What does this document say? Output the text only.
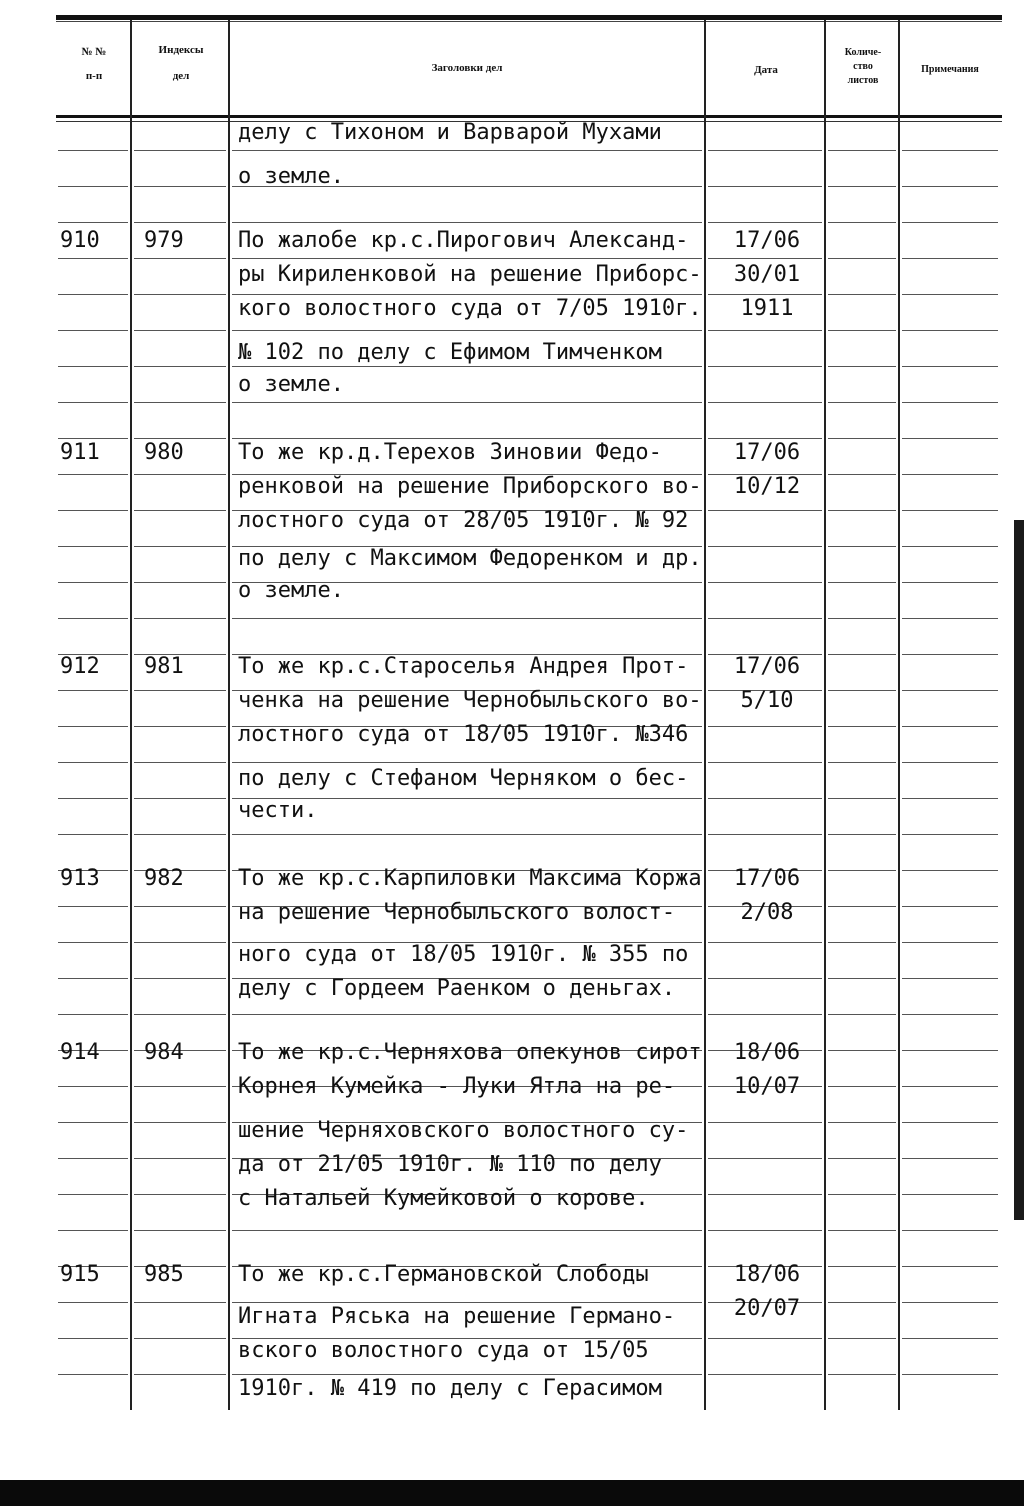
№ №
п-п
Индексы
дел
Заголовки дел	Дата
Количе-
ство
листов
Примечания
делу с Тихоном и Варварой Мухами
о земле.
910 979 По жалобе кр.с.Пирогович Александ-
ры Кириленковой на решение Приборс-
кого волостного суда от 7/05 1910г.
№ 102 по делу с Ефимом Тимченком
о земле.
17/06
30/01
1911
911 980 То же кр.д.Терехов Зиновии Федо-
ренковой на решение Приборского во-
лостного суда от 28/05 1910г. № 92
по делу с Максимом Федоренком и др.
о земле.
17/06
10/12
912 981 То же кр.с.Староселья Андрея Прот-
ченка на решение Чернобыльского во-
лостного суда от 18/05 1910г. №346
по делу с Стефаном Черняком о бес-
чести.
17/06
5/10
913 982 То же кр.с.Карпиловки Максима Коржа
на решение Чернобыльского волост-
ного суда от 18/05 1910г. № 355 по
делу с Гордеем Раенком о деньгах.
17/06
2/08
914 984 То же кр.с.Черняхова опекунов сирот
Корнея Кумейка - Луки Ятла на ре-
шение Черняховского волостного су-
да от 21/05 1910г. № 110 по делу
с Натальей Кумейковой о корове.
18/06
10/07
915 985 То же кр.с.Германовской Слободы
Игната Ряська на решение Германо-
вского волостного суда от 15/05
1910г. № 419 по делу с Герасимом
18/06
20/07
